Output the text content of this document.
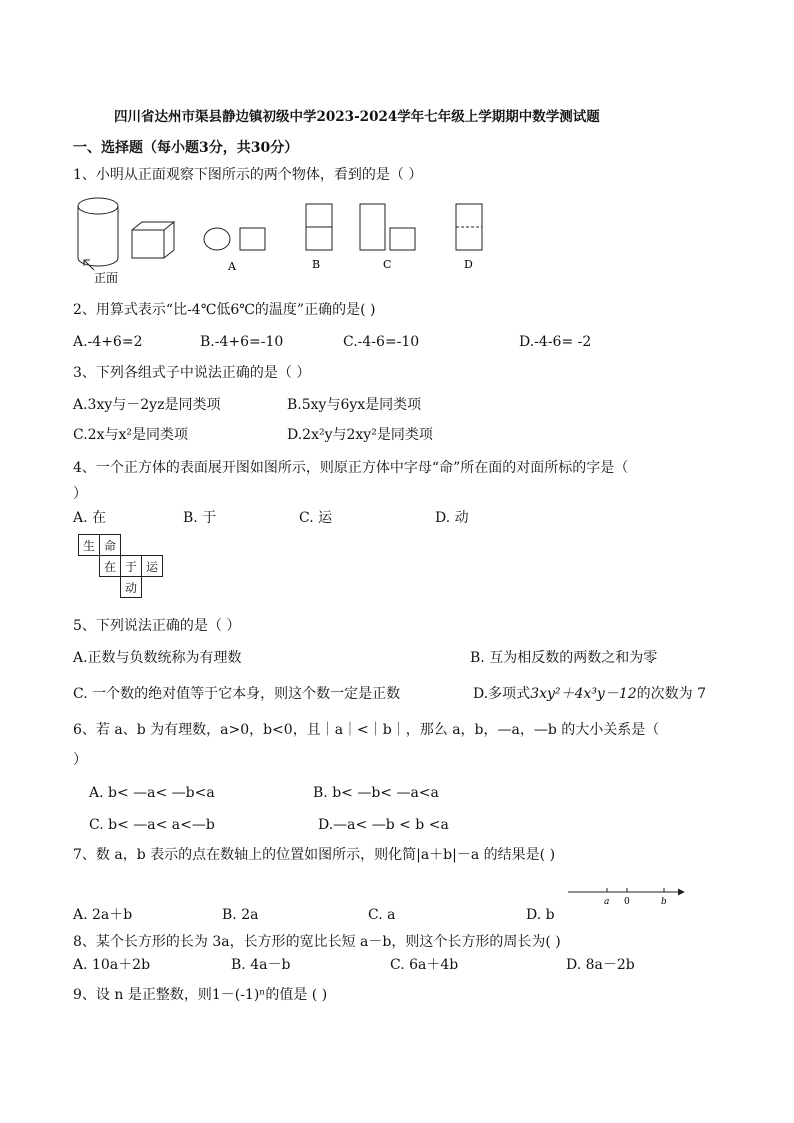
四川省达州市渠县静边镇初级中学2023-2024学年七年级上学期期中数学测试题
一、选择题（每小题3分，共30分）
1、小明从正面观察下图所示的两个物体，看到的是（ ）
正面
A	B	C	D
2、用算式表示“比-4℃低6℃的温度”正确的是( )
A.-4+6=2	B.-4+6=-10	C.-4-6=-10	D.-4-6= -2
3、下列各组式子中说法正确的是（ ）
A.3xy与－2yz是同类项	B.5xy与6yx是同类项
C.2x与x²是同类项	D.2x²y与2xy²是同类项
4、一个正方体的表面展开图如图所示，则原正方体中字母“命”所在面的对面所标的字是（
）
A. 在	B. 于	C. 运	D. 动
生	命		
	在	于	运
		动	
5、下列说法正确的是（ ）
A.正数与负数统称为有理数	B. 互为相反数的两数之和为零
C. 一个数的绝对值等于它本身，则这个数一定是正数	D.多项式3xy²＋4x³y－12的次数为 7
6、若 a、b 为有理数，a>0，b<0，且｜a｜<｜b｜，那么 a，b，—a，—b 的大小关系是（
）
A. b< —a< —b<a	B. b< —b< —a<a
C. b< —a< a<—b	D.—a< —b < b <a
7、数 a，b 表示的点在数轴上的位置如图所示，则化简|a＋b|－a 的结果是( )
a 0	b
A. 2a＋b	B. 2a	C. a	D. b
8、某个长方形的长为 3a，长方形的宽比长短 a－b，则这个长方形的周长为( )
A. 10a＋2b	B. 4a－b	C. 6a＋4b	D. 8a－2b
9、设 n 是正整数，则1－(-1)ⁿ的值是 ( )
